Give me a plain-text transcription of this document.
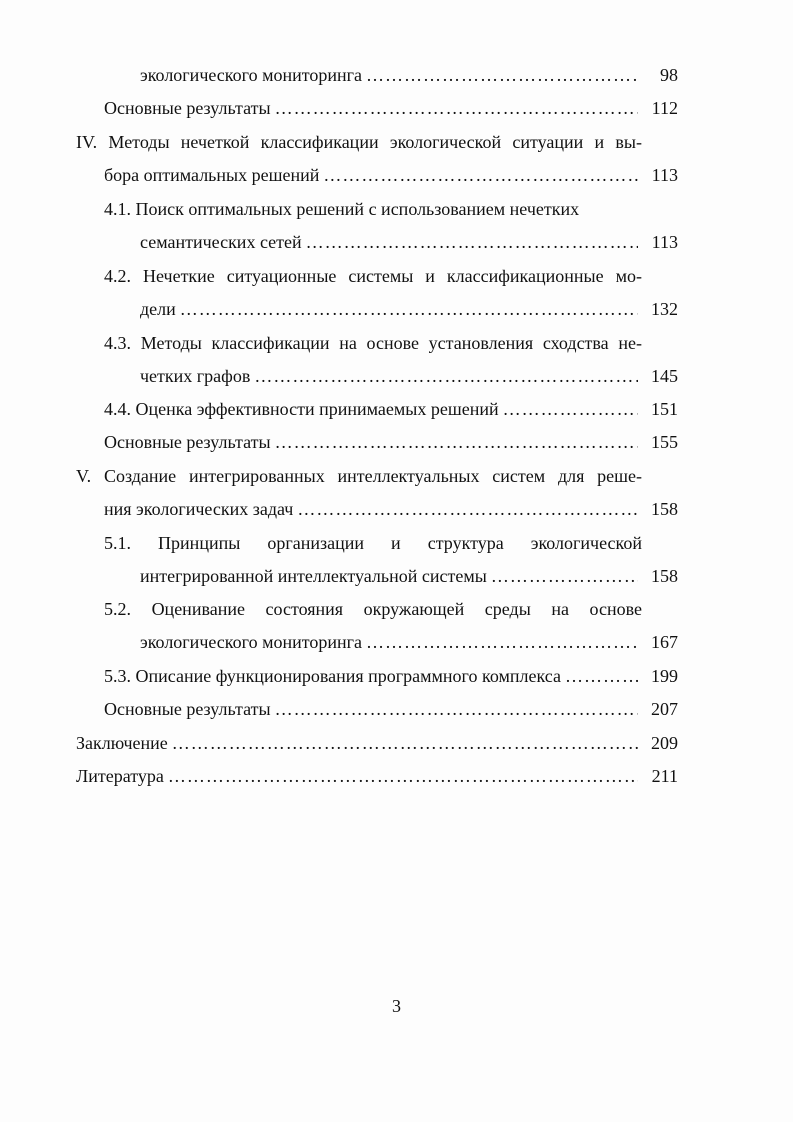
экологического мониторинга ……………………………………………………………………………………………………………………………………………………………………………………	98
Основные результаты ……………………………………………………………………………………………………………………………………………………………………………………	112
IV. Методы нечеткой классификации экологической ситуации и вы-
бора оптимальных решений ……………………………………………………………………………………………………………………………………………………………………………………	113
4.1. Поиск оптимальных решений с использованием нечетких
семантических сетей ……………………………………………………………………………………………………………………………………………………………………………………	113
4.2. Нечеткие ситуационные системы и классификационные мо-
дели ……………………………………………………………………………………………………………………………………………………………………………………	132
4.3. Методы классификации на основе установления сходства не-
четких графов ……………………………………………………………………………………………………………………………………………………………………………………	145
4.4. Оценка эффективности принимаемых решений ……………………………………………………………………………………………………………………………………………………………………………………	151
Основные результаты ……………………………………………………………………………………………………………………………………………………………………………………	155
V. Создание интегрированных интеллектуальных систем для реше-
ния экологических задач ……………………………………………………………………………………………………………………………………………………………………………………	158
5.1. Принципы организации и структура экологической
интегрированной интеллектуальной системы ……………………………………………………………………………………………………………………………………………………………………………………	158
5.2. Оценивание состояния окружающей среды на основе
экологического мониторинга ……………………………………………………………………………………………………………………………………………………………………………………	167
5.3. Описание функционирования программного комплекса ……………………………………………………………………………………………………………………………………………………………………………………	199
Основные результаты ……………………………………………………………………………………………………………………………………………………………………………………	207
Заключение ……………………………………………………………………………………………………………………………………………………………………………………	209
Литература ……………………………………………………………………………………………………………………………………………………………………………………	211
3
